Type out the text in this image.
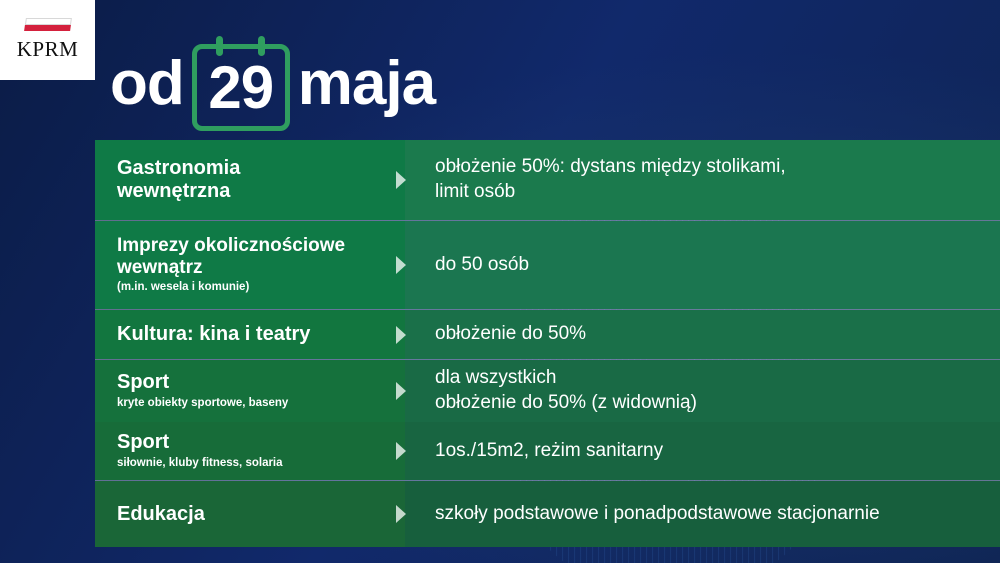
KPRM od 29 maja
Gastronomia
wewnętrzna
obłożenie 50%: dystans między stolikami,
limit osób
Imprezy okolicznościowe
wewnątrz
(m.in. wesela i komunie)
do 50 osób
Kultura: kina i teatry	obłożenie do 50%
Sport
kryte obiekty sportowe, baseny
dla wszystkich
obłożenie do 50% (z widownią)
Sport
siłownie, kluby fitness, solaria
1os./15m2, reżim sanitarny
Edukacja	szkoły podstawowe i ponadpodstawowe stacjonarnie
